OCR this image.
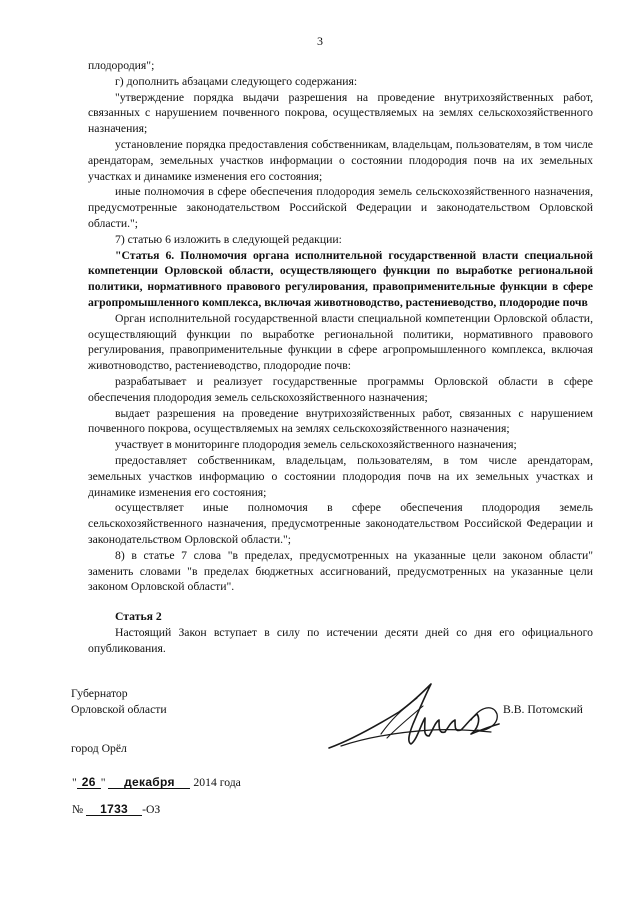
3

плодородия";

г) дополнить абзацами следующего содержания:

"утверждение порядка выдачи разрешения на проведение внутрихозяйственных работ, связанных с нарушением почвенного покрова, осуществляемых на землях сельскохозяйственного назначения;

установление порядка предоставления собственникам, владельцам, пользователям, в том числе арендаторам, земельных участков информации о состоянии плодородия почв на их земельных участках и динамике изменения его состояния;

иные полномочия в сфере обеспечения плодородия земель сельскохозяйственного назначения, предусмотренные законодательством Российской Федерации и законодательством Орловской области.";

7) статью 6 изложить в следующей редакции:

"Статья 6. Полномочия органа исполнительной государственной власти специальной компетенции Орловской области, осуществляющего функции по выработке региональной политики, нормативного правового регулирования, правоприменительные функции в сфере агропромышленного комплекса, включая животноводство, растениеводство, плодородие почв

Орган исполнительной государственной власти специальной компетенции Орловской области, осуществляющий функции по выработке региональной политики, нормативного правового регулирования, правоприменительные функции в сфере агропромышленного комплекса, включая животноводство, растениеводство, плодородие почв:

разрабатывает и реализует государственные программы Орловской области в сфере обеспечения плодородия земель сельскохозяйственного назначения;

выдает разрешения на проведение внутрихозяйственных работ, связанных с нарушением почвенного покрова, осуществляемых на землях сельскохозяйственного назначения;

участвует в мониторинге плодородия земель сельскохозяйственного назначения;

предоставляет собственникам, владельцам, пользователям, в том числе арендаторам, земельных участков информацию о состоянии плодородия почв на их земельных участках и динамике изменения его состояния;

осуществляет иные полномочия в сфере обеспечения плодородия земель сельскохозяйственного назначения, предусмотренные законодательством Российской Федерации и законодательством Орловской области.";

8) в статье 7 слова "в пределах, предусмотренных на указанные цели законом области" заменить словами "в пределах бюджетных ассигнований, предусмотренных на указанные цели законом Орловской области".

Статья 2

Настоящий Закон вступает в силу по истечении десяти дней со дня его официального опубликования.

Губернатор
Орловской области	В.В. Потомский
город Орёл
" 26 " декабря 2014 года
№ 1733 -ОЗ
